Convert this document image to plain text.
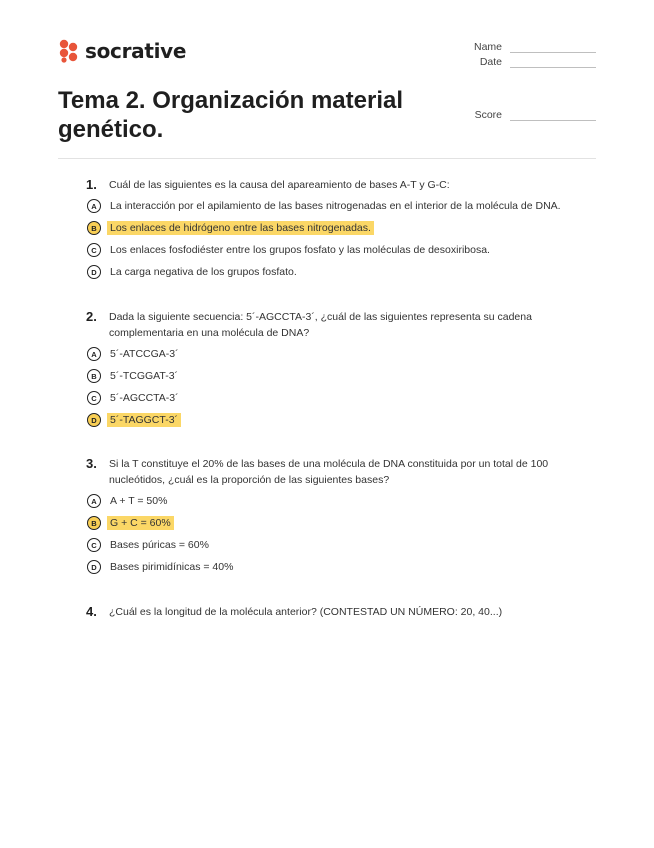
socrative	Name
Date
Score
Tema 2. Organización material genético.
1.	Cuál de las siguientes es la causa del apareamiento de bases A-T y G-C:
A	La interacción por el apilamiento de las bases nitrogenadas en el interior de la molécula de DNA.
B	Los enlaces de hidrógeno entre las bases nitrogenadas.
C	Los enlaces fosfodiéster entre los grupos fosfato y las moléculas de desoxiribosa.
D	La carga negativa de los grupos fosfato.
2.	Dada la siguiente secuencia: 5´-AGCCTA-3´, ¿cuál de las siguientes representa su cadena complementaria en una molécula de DNA?
A	5´-ATCCGA-3´
B	5´-TCGGAT-3´
C	5´-AGCCTA-3´
D	5´-TAGGCT-3´
3.	Si la T constituye el 20% de las bases de una molécula de DNA constituida por un total de 100 nucleótidos, ¿cuál es la proporción de las siguientes bases?
A	A + T = 50%
B	G + C = 60%
C	Bases púricas = 60%
D	Bases pirimidínicas = 40%
4.	¿Cuál es la longitud de la molécula anterior? (CONTESTAD UN NÚMERO: 20, 40...)
